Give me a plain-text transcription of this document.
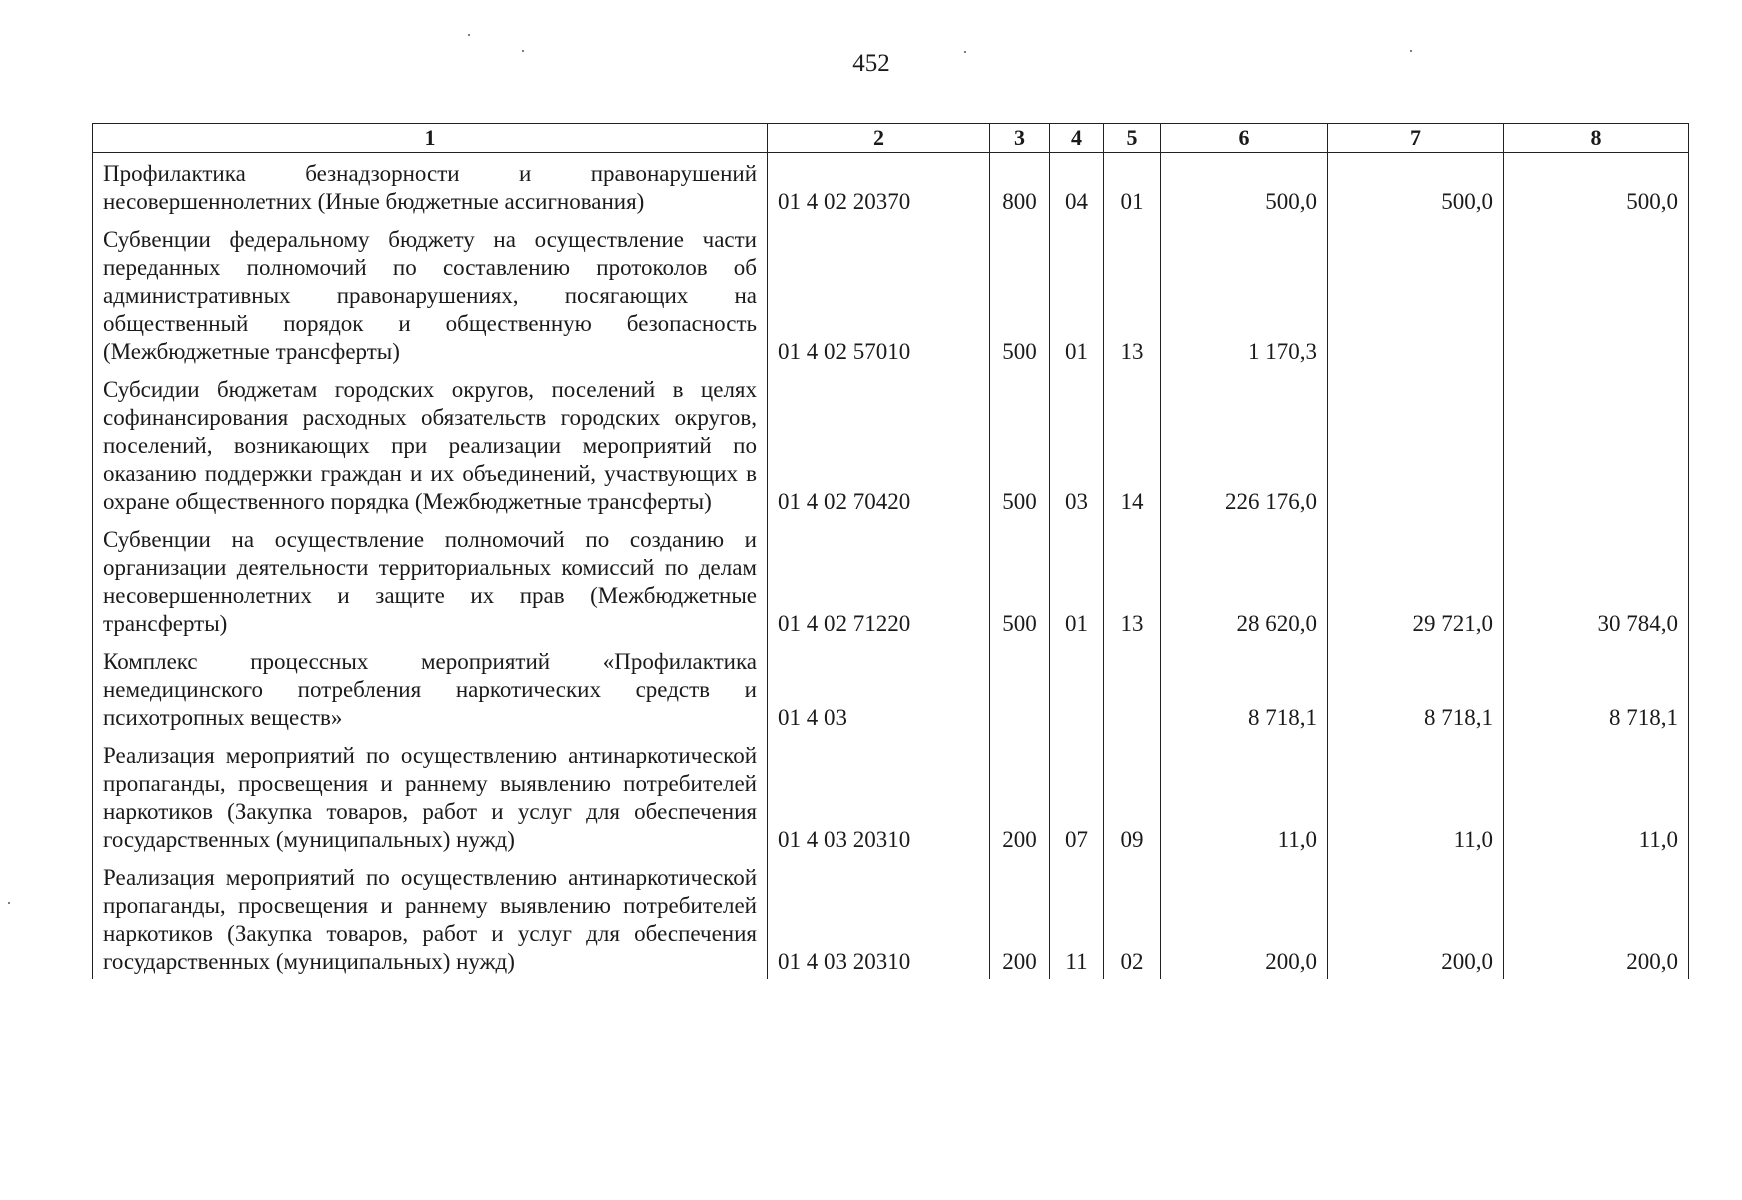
452
1	2	3	4	5	6	7	8
Профилактика безнадзорности и правонарушений несовершеннолетних (Иные бюджетные ассигнования)	01 4 02 20370	800	04	01	500,0	500,0	500,0
Субвенции федеральному бюджету на осуществление части переданных полномочий по составлению протоколов об административных правонарушениях, посягающих на общественный порядок и общественную безопасность (Межбюджетные трансферты)	01 4 02 57010	500	01	13	1 170,3		
Субсидии бюджетам городских округов, поселений в целях софинансирования расходных обязательств городских округов, поселений, возникающих при реализации мероприятий по оказанию поддержки граждан и их объединений, участвующих в охране общественного порядка (Межбюджетные трансферты)	01 4 02 70420	500	03	14	226 176,0		
Субвенции на осуществление полномочий по созданию и организации деятельности территориальных комиссий по делам несовершеннолетних и защите их прав (Межбюджетные трансферты)	01 4 02 71220	500	01	13	28 620,0	29 721,0	30 784,0
Комплекс процессных мероприятий «Профилактика немедицинского потребления наркотических средств и психотропных веществ»	01 4 03				8 718,1	8 718,1	8 718,1
Реализация мероприятий по осуществлению антинаркотической пропаганды, просвещения и раннему выявлению потребителей наркотиков (Закупка товаров, работ и услуг для обеспечения государственных (муниципальных) нужд)	01 4 03 20310	200	07	09	11,0	11,0	11,0
Реализация мероприятий по осуществлению антинаркотической пропаганды, просвещения и раннему выявлению потребителей наркотиков (Закупка товаров, работ и услуг для обеспечения государственных (муниципальных) нужд)	01 4 03 20310	200	11	02	200,0	200,0	200,0
